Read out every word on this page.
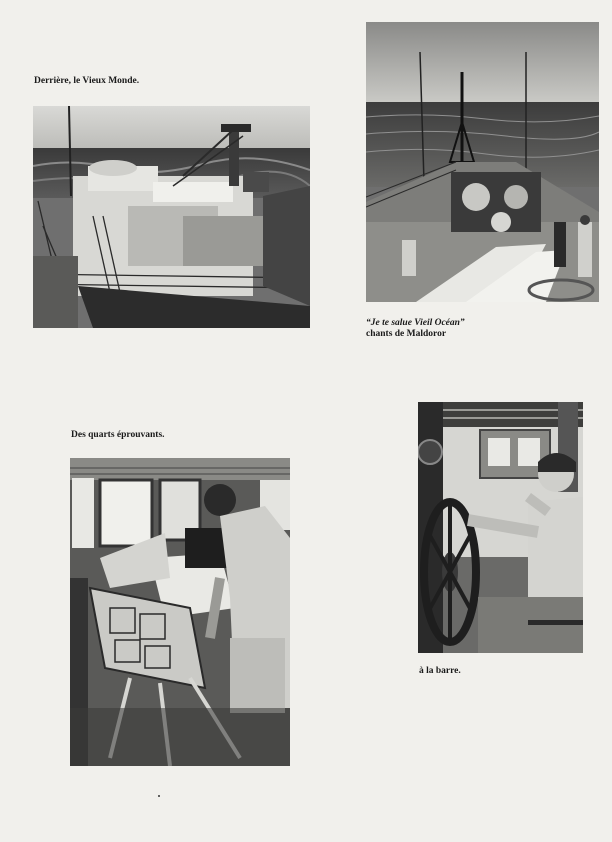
Derrière, le Vieux Monde.
“Je te salue Vieil Océan”
chants de Maldoror
Des quarts éprouvants.
à la barre.
